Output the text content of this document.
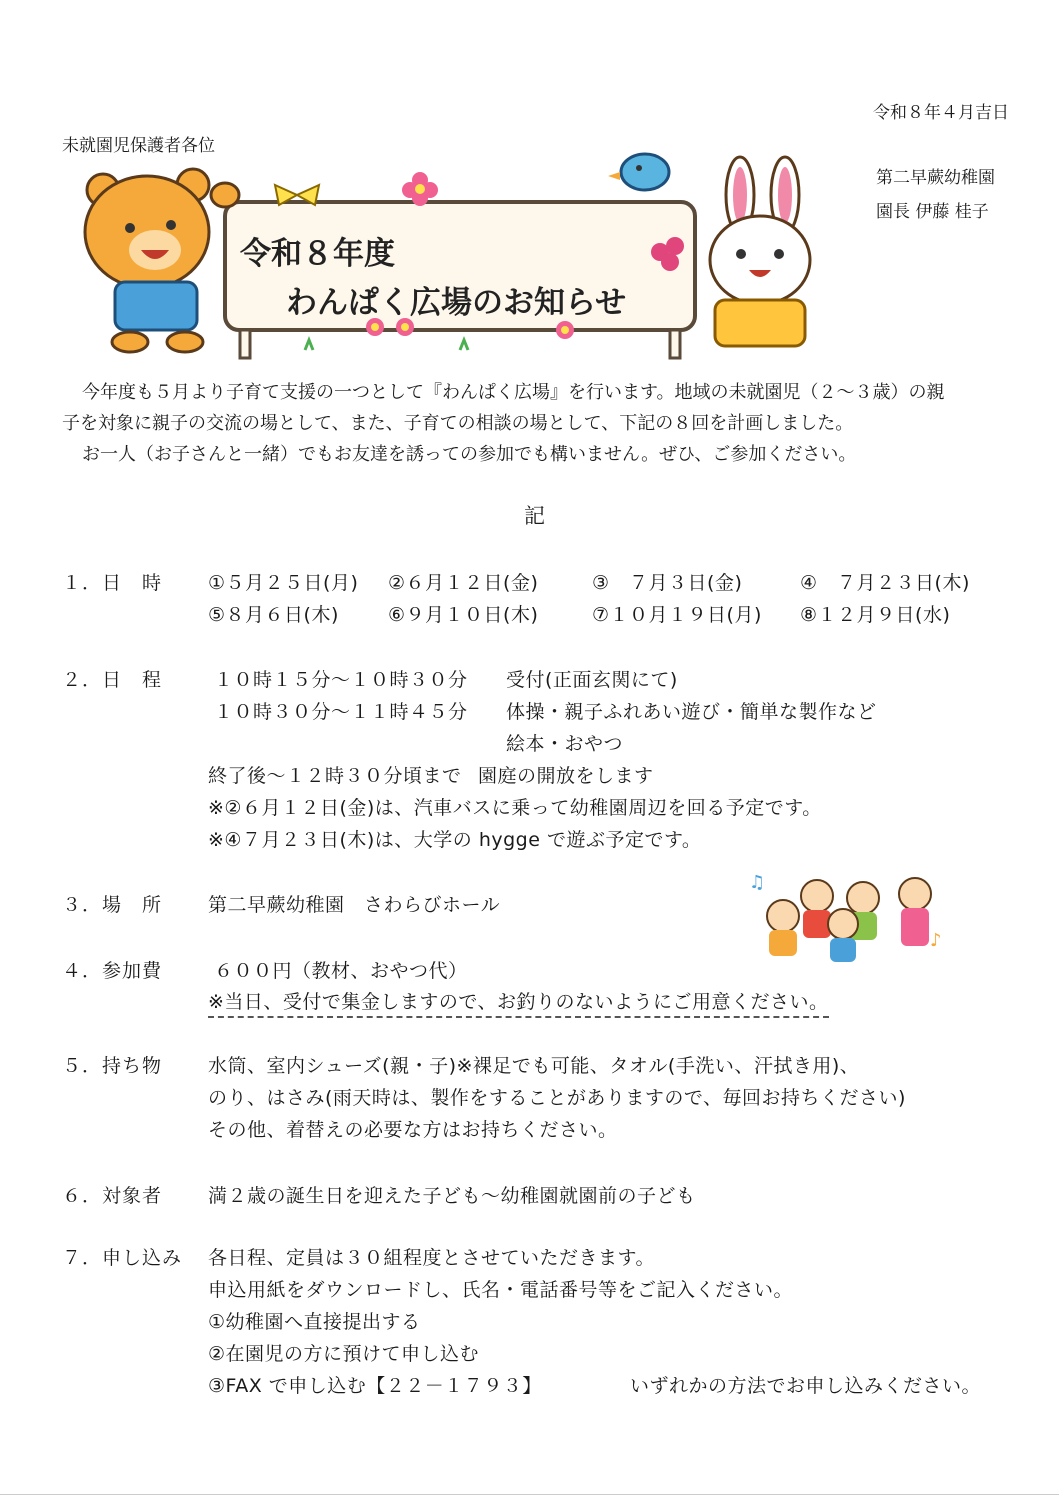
令和８年４月吉日
未就園児保護者各位
第二早蕨幼稚園
園長 伊藤 桂子
令和８年度
わんぱく広場のお知らせ
今年度も５月より子育て支援の一つとして『わんぱく広場』を行います。地域の未就園児（２～３歳）の親
子を対象に親子の交流の場として、また、子育ての相談の場として、下記の８回を計画しました。
お一人（お子さんと一緒）でもお友達を誘っての参加でも構いません。ぜひ、ご参加ください。
記
１．日　時 ①５月２５日(月) ②６月１２日(金)	③　７月３日(金)	④　７月２３日(木)
⑤８月６日(木)	⑥９月１０日(木)	⑦１０月１９日(月) ⑧１２月９日(水)
２．日　程	１０時１５分～１０時３０分 受付(正面玄関にて)
１０時３０分～１１時４５分 体操・親子ふれあい遊び・簡単な製作など
絵本・おやつ
終了後～１２時３０分頃まで 園庭の開放をします
※②６月１２日(金)は、汽車バスに乗って幼稚園周辺を回る予定です。
※④７月２３日(木)は、大学の hygge で遊ぶ予定です。
３．場　所 第二早蕨幼稚園　さわらびホール
♫
♪
４．参加費	６００円（教材、おやつ代）
※当日、受付で集金しますので、お釣りのないようにご用意ください。
５．持ち物 水筒、室内シューズ(親・子)※裸足でも可能、タオル(手洗い、汗拭き用)、
のり、はさみ(雨天時は、製作をすることがありますので、毎回お持ちください)
その他、着替えの必要な方はお持ちください。
６．対象者 満２歳の誕生日を迎えた子ども～幼稚園就園前の子ども
７．申し込み 各日程、定員は３０組程度とさせていただきます。
申込用紙をダウンロードし、氏名・電話番号等をご記入ください。
①幼稚園へ直接提出する
②在園児の方に預けて申し込む
③FAX で申し込む【２２－１７９３】	いずれかの方法でお申し込みください。
